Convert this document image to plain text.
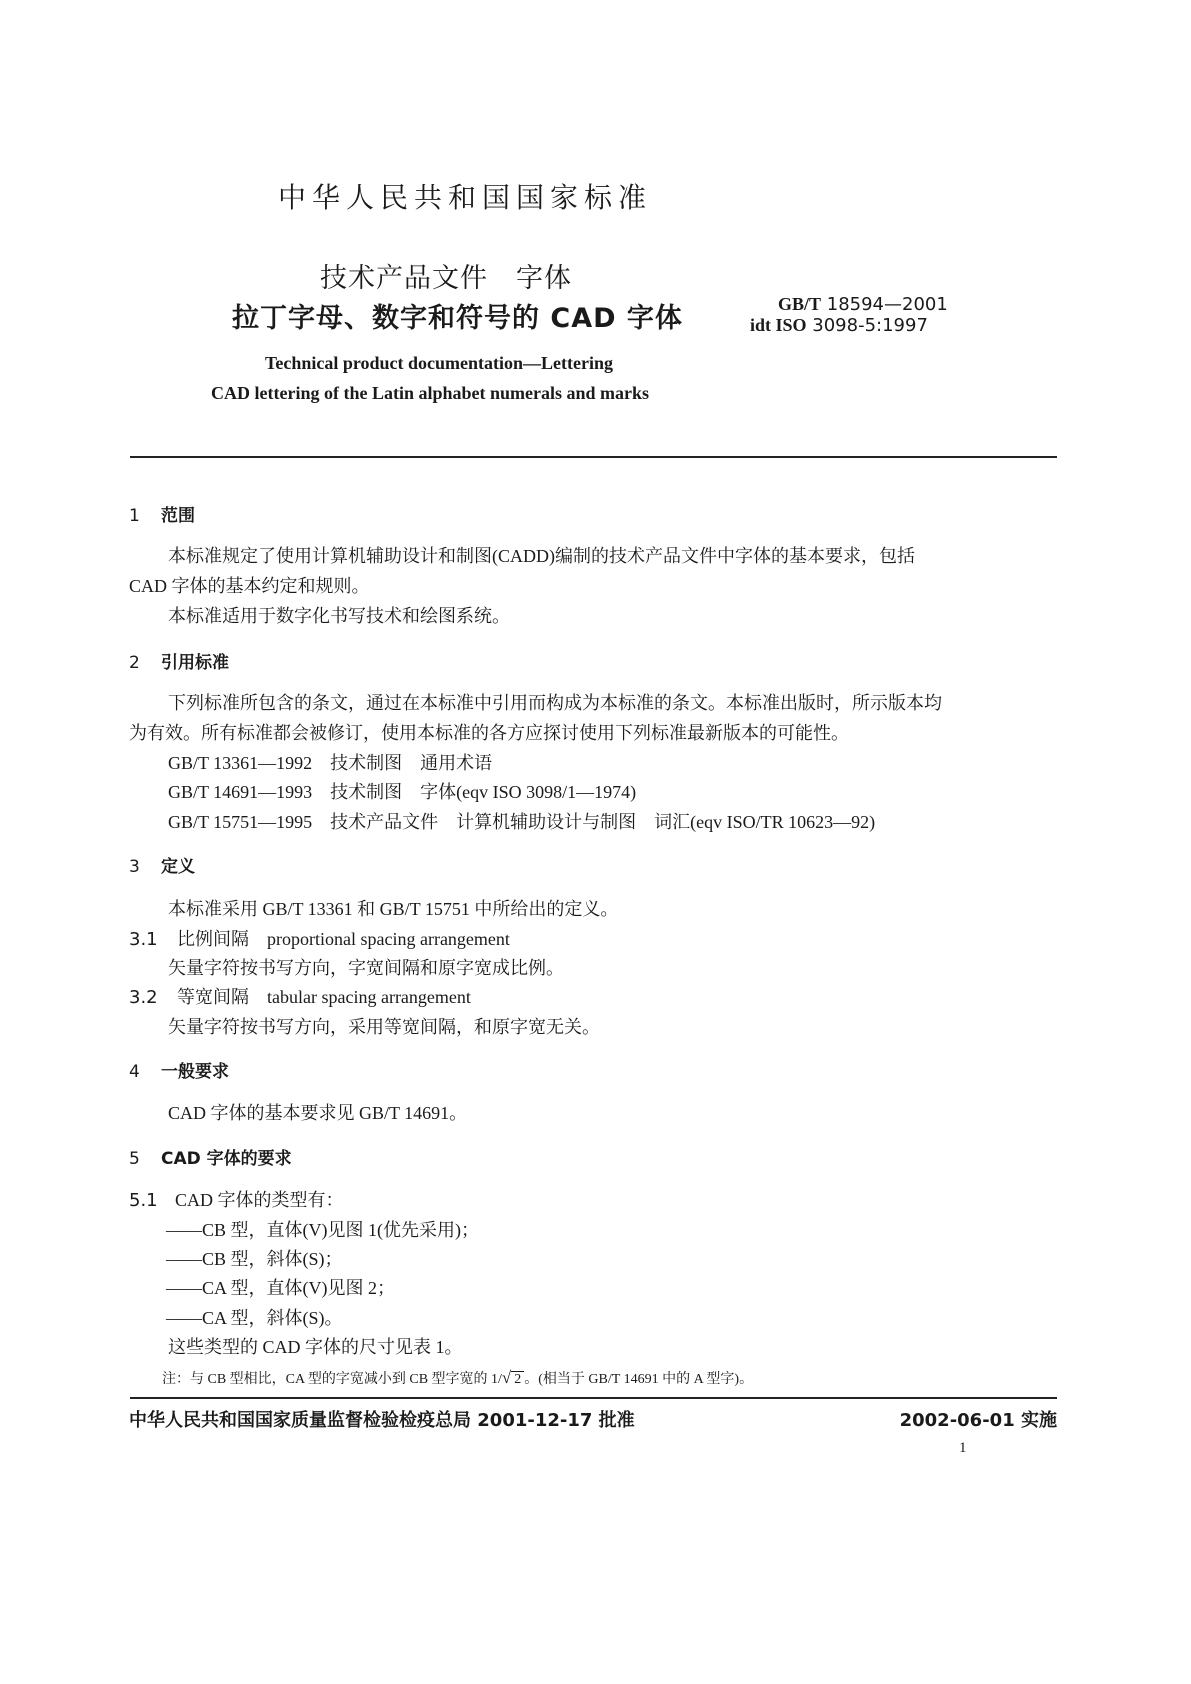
中华人民共和国国家标准
技术产品文件　字体
拉丁字母、数字和符号的 CAD 字体	GB/T 18594—2001
idt ISO 3098-5:1997
Technical product documentation—Lettering
CAD lettering of the Latin alphabet numerals and marks
1 范围
本标准规定了使用计算机辅助设计和制图(CADD)编制的技术产品文件中字体的基本要求，包括
CAD 字体的基本约定和规则。
本标准适用于数字化书写技术和绘图系统。
2 引用标准
下列标准所包含的条文，通过在本标准中引用而构成为本标准的条文。本标准出版时，所示版本均
为有效。所有标准都会被修订，使用本标准的各方应探讨使用下列标准最新版本的可能性。
GB/T 13361—1992　技术制图　通用术语
GB/T 14691—1993　技术制图　字体(eqv ISO 3098/1—1974)
GB/T 15751—1995　技术产品文件　计算机辅助设计与制图　词汇(eqv ISO/TR 10623—92)
3 定义
本标准采用 GB/T 13361 和 GB/T 15751 中所给出的定义。
3.1 比例间隔　proportional spacing arrangement
矢量字符按书写方向，字宽间隔和原字宽成比例。
3.2 等宽间隔　tabular spacing arrangement
矢量字符按书写方向，采用等宽间隔，和原字宽无关。
4 一般要求
CAD 字体的基本要求见 GB/T 14691。
5 CAD 字体的要求
5.1 CAD 字体的类型有：
——CB 型，直体(V)见图 1(优先采用)；
——CB 型，斜体(S)；
——CA 型，直体(V)见图 2；
——CA 型，斜体(S)。
这些类型的 CAD 字体的尺寸见表 1。
注：与 CB 型相比，CA 型的字宽减小到 CB 型字宽的 1/√ 2 。(相当于 GB/T 14691 中的 A 型字)。
中华人民共和国国家质量监督检验检疫总局 2001-12-17 批准	2002-06-01 实施
1
